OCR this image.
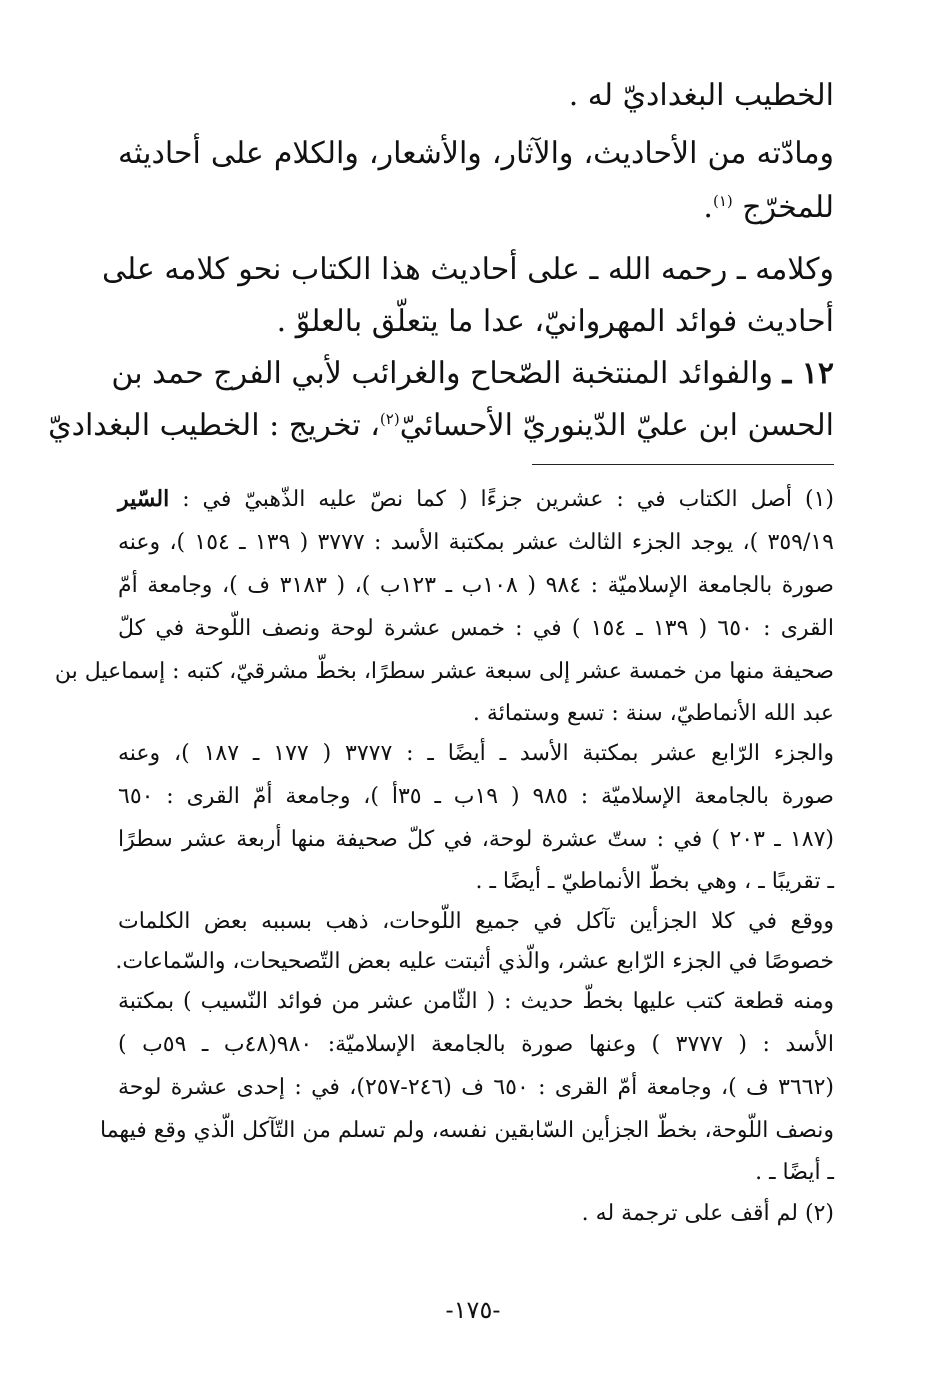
الخطيب البغداديّ له .
ومادّته من الأحاديث، والآثار، والأشعار، والكلام على أحاديثه
للمخرّج $^{(١)}$.
وكلامه ـ رحمه الله ـ على أحاديث هذا الكتاب نحو كلامه على
أحاديث فوائد المهروانيّ، عدا ما يتعلّق بالعلوّ .
١٢ ـ والفوائد المنتخبة الصّحاح والغرائب لأبي الفرج حمد بن
الحسن ابن عليّ الدّينوريّ الأحسائيّ$^{(٢)}$، تخريج : الخطيب البغداديّ
(١) أصل الكتاب في : عشرين جزءًا ( كما نصّ عليه الذّهبيّ في : السّير
٣٥٩/١٩ )، يوجد الجزء الثالث عشر بمكتبة الأسد : ٣٧٧٧ ( ١٣٩ ـ ١٥٤ )، وعنه
صورة بالجامعة الإسلاميّة : ٩٨٤ ( ١٠٨ب ـ ١٢٣ب )، ( ٣١٨٣ ف )، وجامعة أمّ
القرى : ٦٥٠ ( ١٣٩ ـ ١٥٤ ) في : خمس عشرة لوحة ونصف اللّوحة في كلّ
صحيفة منها من خمسة عشر إلى سبعة عشر سطرًا، بخطّ مشرقيّ، كتبه : إسماعيل بن
عبد الله الأنماطيّ، سنة : تسع وستمائة .
والجزء الرّابع عشر بمكتبة الأسد ـ أيضًا ـ : ٣٧٧٧ ( ١٧٧ ـ ١٨٧ )، وعنه
صورة بالجامعة الإسلاميّة : ٩٨٥ ( ١٩ب ـ ٣٥أ )، وجامعة أمّ القرى : ٦٥٠
(١٨٧ ـ ٢٠٣ ) في : ستّ عشرة لوحة، في كلّ صحيفة منها أربعة عشر سطرًا
ـ تقريبًا ـ ، وهي بخطّ الأنماطيّ ـ أيضًا ـ .
ووقع في كلا الجزأين تآكل في جميع اللّوحات، ذهب بسببه بعض الكلمات
خصوصًا في الجزء الرّابع عشر، والّذي أثبتت عليه بعض التّصحيحات، والسّماعات.
ومنه قطعة كتب عليها بخطّ حديث : ( الثّامن عشر من فوائد النّسيب ) بمكتبة
الأسد : ( ٣٧٧٧ ) وعنها صورة بالجامعة الإسلاميّة: ٩٨٠(٤٨ب ـ ٥٩ب )
(٣٦٦٢ ف )، وجامعة أمّ القرى : ٦٥٠ ف (٢٤٦-٢٥٧)، في : إحدى عشرة لوحة
ونصف اللّوحة، بخطّ الجزأين السّابقين نفسه، ولم تسلم من التّآكل الّذي وقع فيهما
ـ أيضًا ـ .
(٢) لم أقف على ترجمة له .
-١٧٥-
